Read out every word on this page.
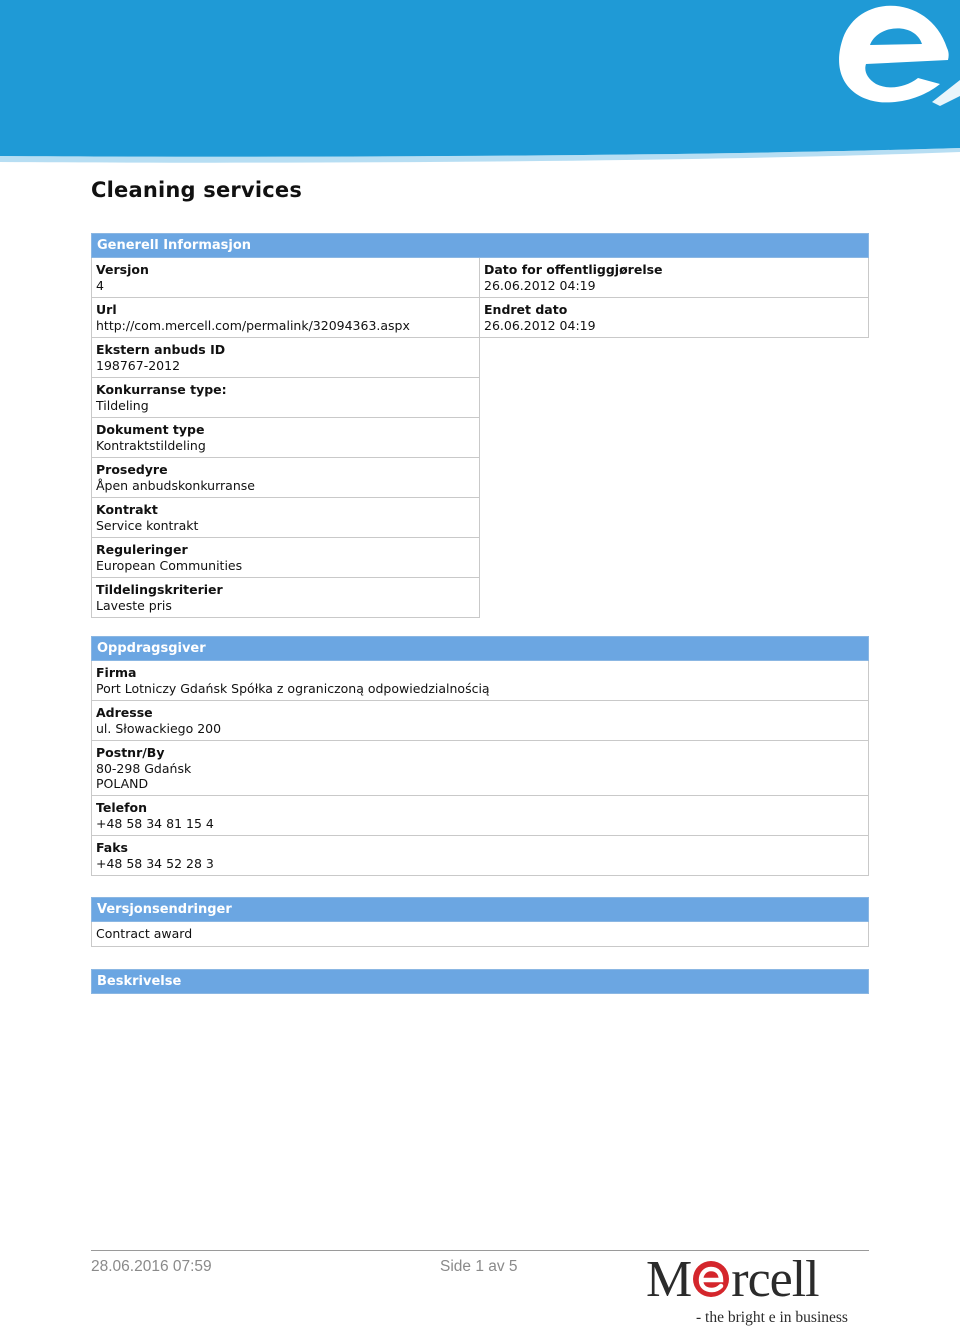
Cleaning services
Generell Informasjon
Versjon
4
Url
http://com.mercell.com/permalink/32094363.aspx
Ekstern anbuds ID
198767-2012
Konkurranse type:
Tildeling
Dokument type
Kontraktstildeling
Prosedyre
Åpen anbudskonkurranse
Kontrakt
Service kontrakt
Reguleringer
European Communities
Tildelingskriterier
Laveste pris
Dato for offentliggjørelse
26.06.2012 04:19
Endret dato
26.06.2012 04:19
Oppdragsgiver
Firma
Port Lotniczy Gdańsk Spółka z ograniczoną odpowiedzialnością
Adresse
ul. Słowackiego 200
Postnr/By
80-298 Gdańsk
POLAND
Telefon
+48 58 34 81 15 4
Faks
+48 58 34 52 28 3
Versjonsendringer
Contract award
Beskrivelse
28.06.2016 07:59	Side 1 av 5 M rcell
- the bright e in business
